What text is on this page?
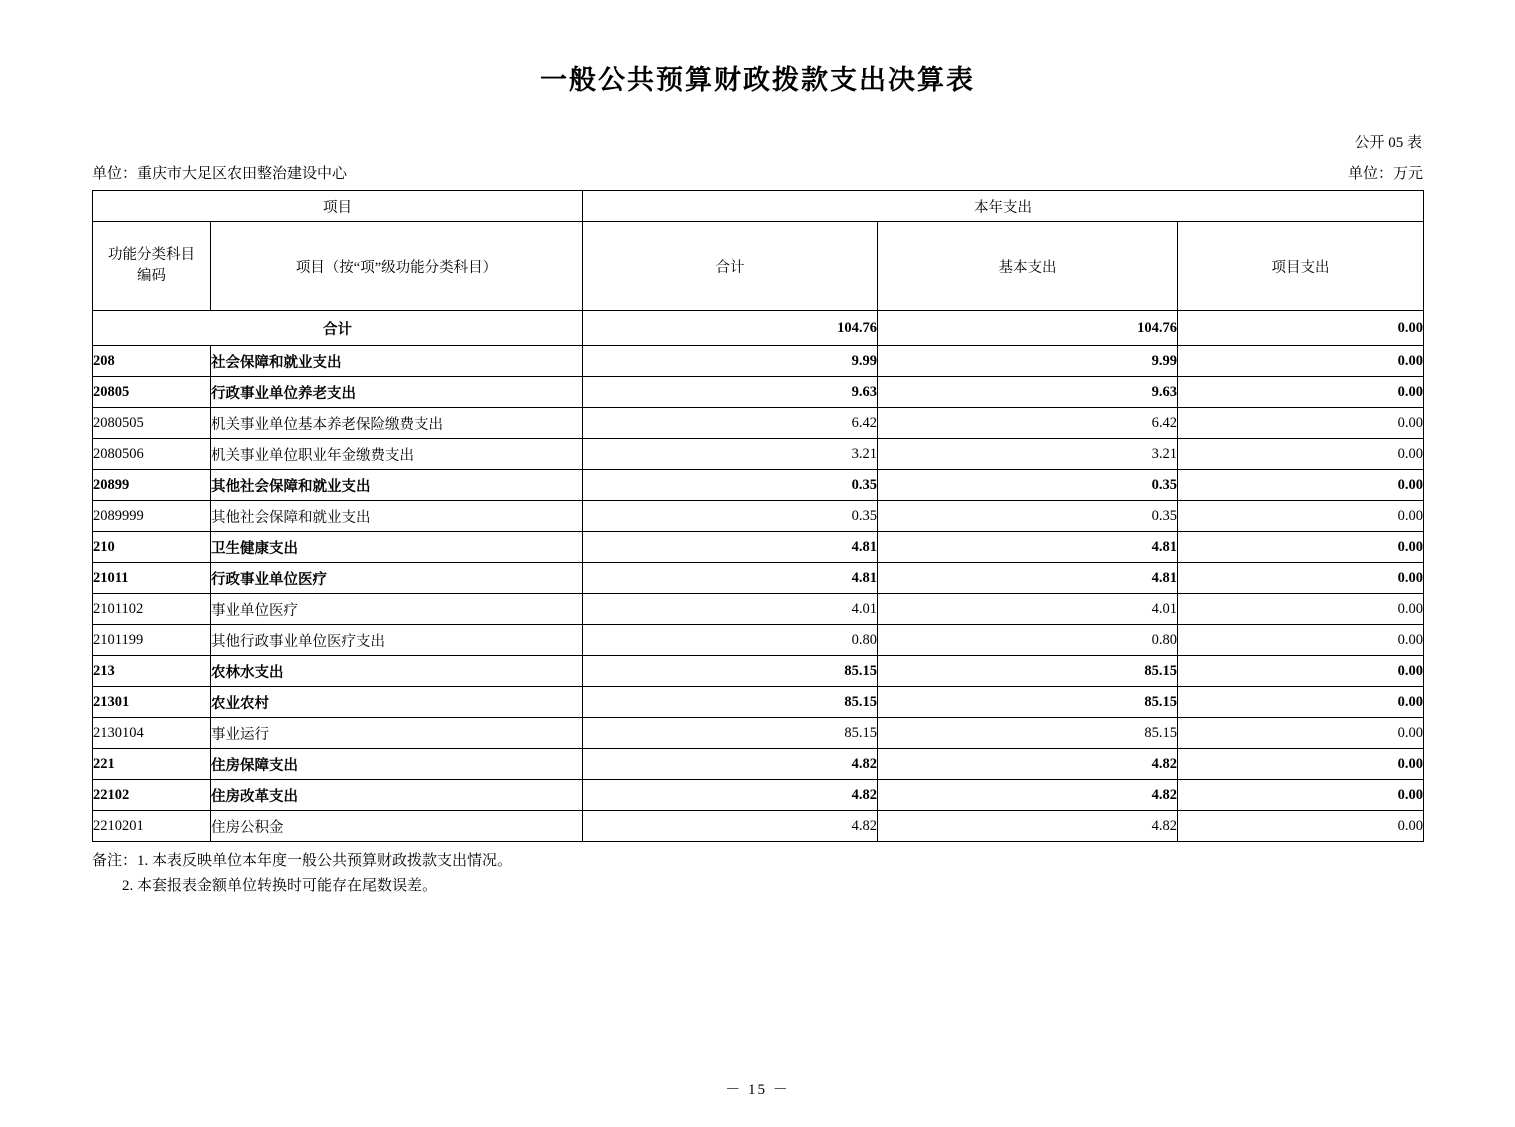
一般公共预算财政拨款支出决算表
公开 05 表
单位：重庆市大足区农田整治建设中心	单位：万元
项目		本年支出		

功能分类科目
编码	项目（按“项”级功能分类科目）	合计	基本支出	项目支出
合计		104.76	104.76	0.00
208	社会保障和就业支出	9.99	9.99	0.00
20805	行政事业单位养老支出	9.63	9.63	0.00
2080505	机关事业单位基本养老保险缴费支出	6.42	6.42	0.00
2080506	机关事业单位职业年金缴费支出	3.21	3.21	0.00
20899	其他社会保障和就业支出	0.35	0.35	0.00
2089999	其他社会保障和就业支出	0.35	0.35	0.00
210	卫生健康支出	4.81	4.81	0.00
21011	行政事业单位医疗	4.81	4.81	0.00
2101102	事业单位医疗	4.01	4.01	0.00
2101199	其他行政事业单位医疗支出	0.80	0.80	0.00
213	农林水支出	85.15	85.15	0.00
21301	农业农村	85.15	85.15	0.00
2130104	事业运行	85.15	85.15	0.00
221	住房保障支出	4.82	4.82	0.00
22102	住房改革支出	4.82	4.82	0.00
2210201	住房公积金	4.82	4.82	0.00
备注：1. 本表反映单位本年度一般公共预算财政拨款支出情况。
2. 本套报表金额单位转换时可能存在尾数误差。
－ 15 －
